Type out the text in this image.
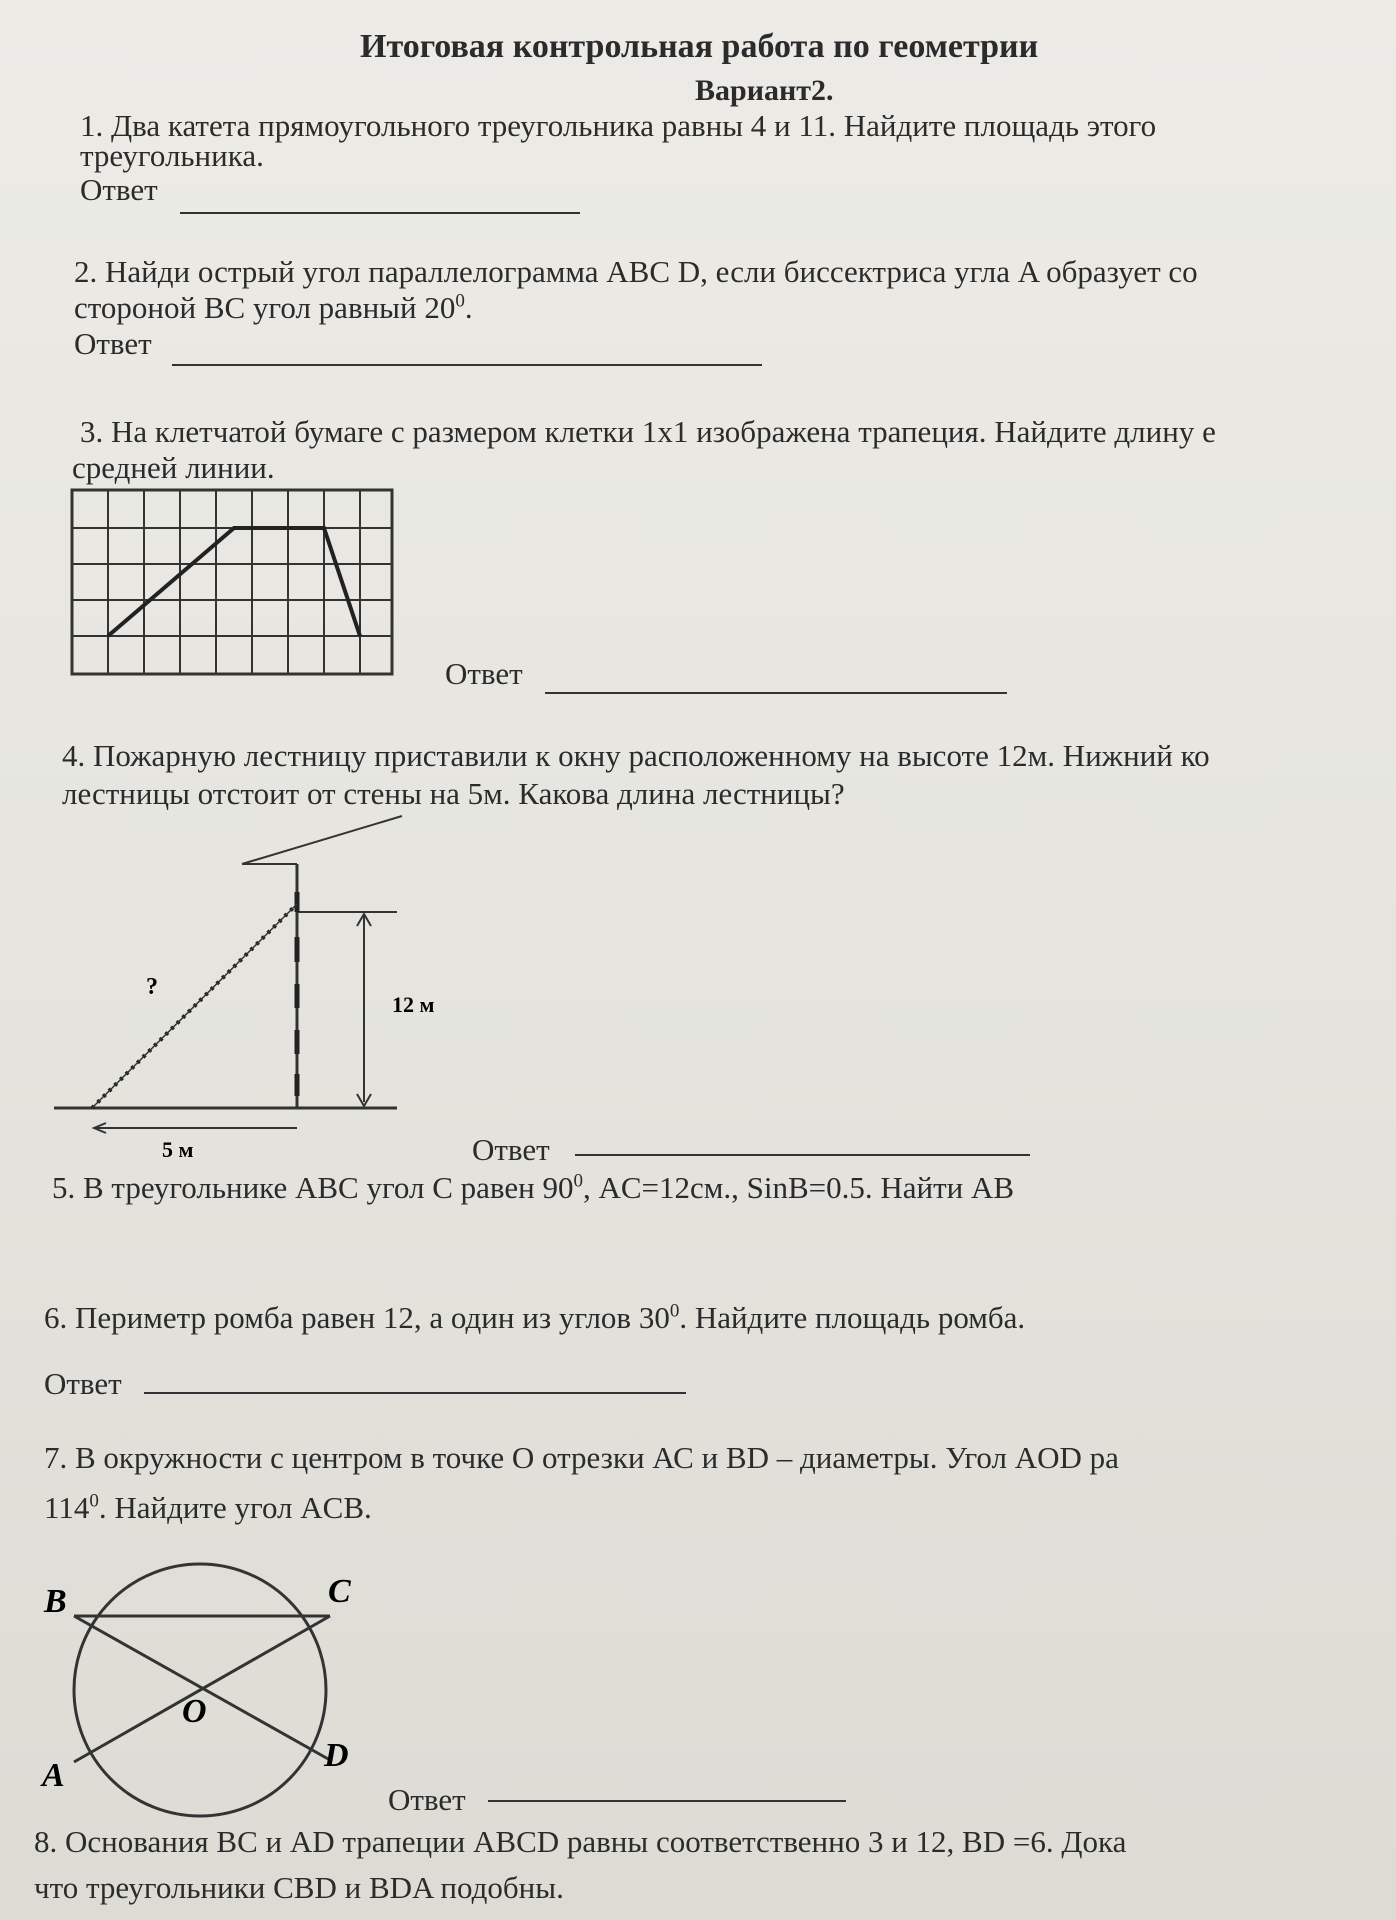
Итоговая контрольная работа по геометрии
Вариант2.
1. Два катета прямоугольного треугольника равны 4 и 11. Найдите площадь этого
треугольника.
Ответ
2. Найди острый угол параллелограмма ABC D, если биссектриса угла A образует со
стороной BC угол равный $20^0$.
Ответ
3. На клетчатой бумаге с размером клетки 1x1 изображена трапеция. Найдите длину е
средней линии.
Ответ
4. Пожарную лестницу приставили к окну расположенному на высоте 12м. Нижний ко
лестницы отстоит от стены на 5м. Какова длина лестницы?
?
12 м
5 м	Ответ
5. В треугольнике ABC угол С равен $90^0$, AC=12см., SinB=0.5. Найти AB
6. Периметр ромба равен 12, а один из углов $30^0$. Найдите площадь ромба.
Ответ
7. В окружности с центром в точке О отрезки АС и BD – диаметры. Угол AOD ра
$114^0$. Найдите угол ACB.
B	C
O
A
D
Ответ
8. Основания BC и AD трапеции ABCD равны соответственно 3 и 12, BD =6. Дока
что треугольники CBD и BDA подобны.
